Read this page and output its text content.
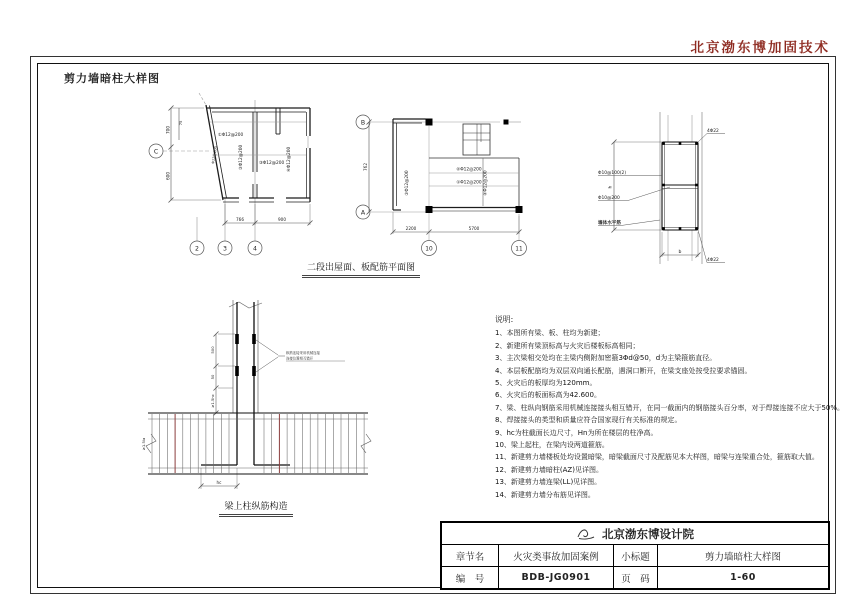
北京渤东博加固技术
剪力墙暗柱大样图
C
2	3	4
①Φ12@200
③Φ12@200	③Φ12@200 ④Φ12@200
Φ12@200
700
75
600
766	900
二段出屋面、板配筋平面图
B
A
10	11
②Φ12@200
①Φ12@200
③Φ12@200	④Φ12@200
762
2200	5700
4Φ22
4Φ22
Φ10@100(2)
Φ10@200
墙体水平筋
h
b
纵筋连接采用机械连接
连接位置相互错开
500
50
≥1.5hc
≥1.5la
hc
梁上柱纵筋构造
说明:
1、本图所有梁、板、柱均为新建；
2、新建所有梁顶标高与火灾后楼板标高相同；
3、主次梁相交处均在主梁内侧附加密箍3Φd@50，d为主梁箍筋直径。
4、本层板配筋均为双层双向通长配筋，遇洞口断开，在梁支座处按受拉要求锚固。
5、火灾后的板厚均为120mm。
6、火灾后的板面标高为42.600。
7、梁、柱纵向钢筋采用机械连接接头相互错开，在同一截面内的钢筋接头百分率，对于焊接连接不应大于50%。
8、焊接接头的类型和质量应符合国家现行有关标准的规定。
9、hc为柱截面长边尺寸，Hn为所在楼层的柱净高。
10、梁上起柱，在梁内设两道箍筋。
11、新建剪力墙楼板处均设置暗梁，暗梁截面尺寸及配筋见本大样图，暗梁与连梁重合处，箍筋取大值。
12、新建剪力墙暗柱(AZ)见详图。
13、新建剪力墙连梁(LL)见详图。
14、新建剪力墙分布筋见详图。
北京渤东博设计院
章节名	火灾类事故加固案例	小标题	剪力墙暗柱大样图
编　号	BDB-JG0901	页　码	1-60
